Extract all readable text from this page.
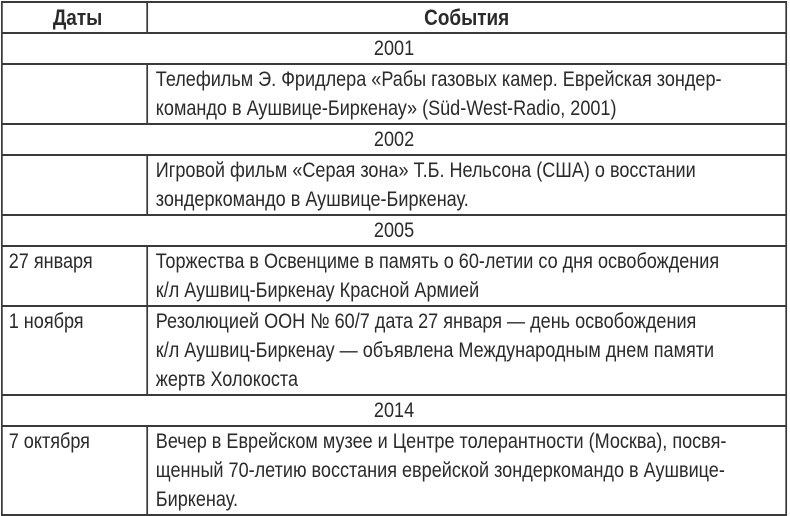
Даты	События
2001	

	Телефильм Э. Фридлера «Рабы газовых камер. Еврейская зондер-
командо в Аушвице-Биркенау» (Süd-West-Radio, 2001)

2002	

	Игровой фильм «Серая зона» Т.Б. Нельсона (США) о восстании
зондеркомандо в Аушвице-Биркенау.

2005	
27 января	Торжества в Освенциме в память о 60-летии со дня освобождения
к/л Аушвиц-Биркенау Красной Армией

1 ноября	Резолюцией ООН № 60/7 дата 27 января — день освобождения
к/л Аушвиц-Биркенау — объявлена Международным днем памяти
жертв Холокоста

2014	
7 октября	Вечер в Еврейском музее и Центре толерантности (Москва), посвя-
щенный 70-летию восстания еврейской зондеркомандо в Аушвице-
Биркенау.
